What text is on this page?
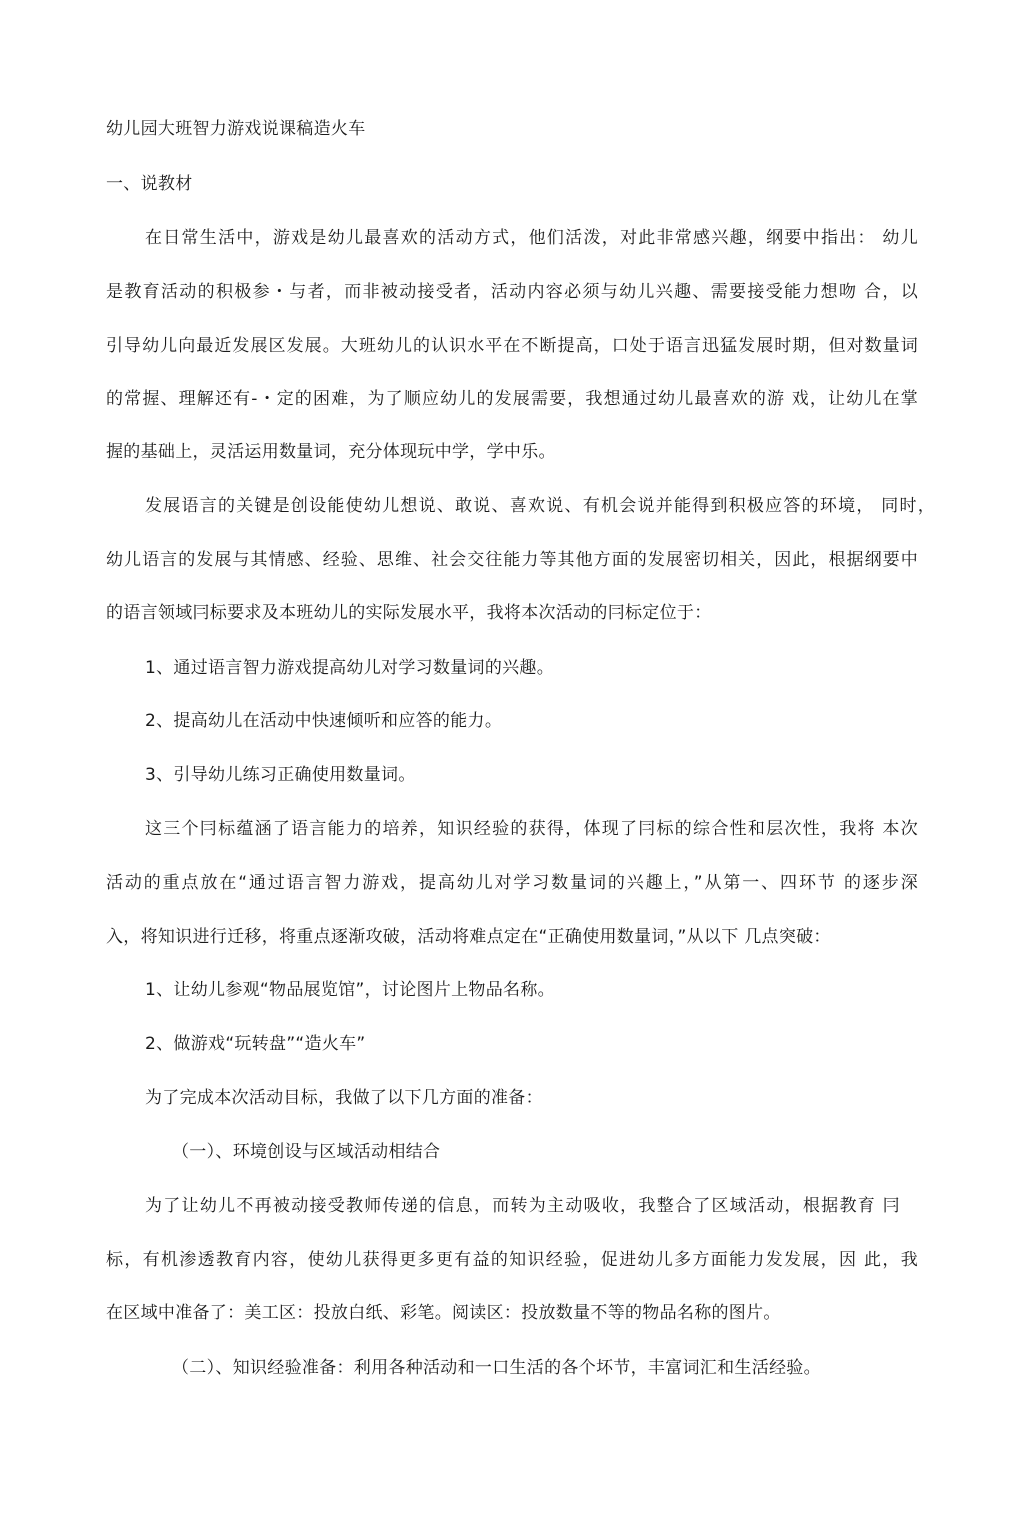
幼儿园大班智力游戏说课稿造火车
一、说教材
在日常生活中，游戏是幼儿最喜欢的活动方式，他们活泼，对此非常感兴趣，纲要中指出： 幼儿
是教育活动的积极参・与者，而非被动接受者，活动内容必须与幼儿兴趣、需要接受能力想吻 合，以
引导幼儿向最近发展区发展。大班幼儿的认识水平在不断提高，口处于语言迅猛发展时期，但对数量词
的常握、理解还有-・定的困难，为了顺应幼儿的发展需要，我想通过幼儿最喜欢的游 戏，让幼儿在掌
握的基础上，灵活运用数量词，充分体现玩中学，学中乐。
发展语言的关键是创设能使幼儿想说、敢说、喜欢说、有机会说并能得到积极应答的环境， 同时，
幼儿语言的发展与其情感、经验、思维、社会交往能力等其他方面的发展密切相关，因此，根据纲要中
的语言领域冃标要求及本班幼儿的实际发展水平，我将本次活动的冃标定位于：
1、通过语言智力游戏提高幼儿对学习数量词的兴趣。
2、提高幼儿在活动中快速倾听和应答的能力。
3、引导幼儿练习正确使用数量词。
这三个冃标蕴涵了语言能力的培养，知识经验的获得，体现了冃标的综合性和层次性，我将 本次
活动的重点放在“通过语言智力游戏，提高幼儿对学习数量词的兴趣上，”从第一、四环节 的逐步深
入，将知识进行迁移，将重点逐渐攻破，活动将难点定在“正确使用数量词，”从以下 几点突破：
1、让幼儿参观“物品展览馆”，讨论图片上物品名称。
2、做游戏“玩转盘”“造火车”
为了完成本次活动目标，我做了以下几方面的准备：
（一）、环境创设与区域活动相结合
为了让幼儿不再被动接受教师传递的信息，而转为主动吸收，我整合了区域活动，根据教育 冃
标，有机渗透教育内容，使幼儿获得更多更有益的知识经验，促进幼儿多方面能力发发展，因 此，我
在区域中准备了：美工区：投放白纸、彩笔。阅读区：投放数量不等的物品名称的图片。
（二）、知识经验准备：利用各种活动和一口生活的各个坏节，丰富词汇和生活经验。
